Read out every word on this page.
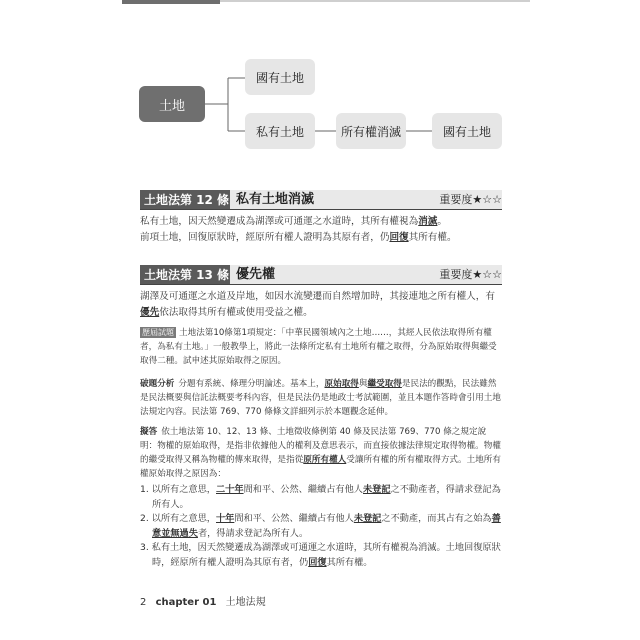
土地
國有土地
私有土地	所有權消滅	國有土地
土地法第 12 條 私有土地消滅	重要度★☆☆
私有土地，因天然變遷成為湖澤或可通運之水道時，其所有權視為消滅。
前項土地，回復原狀時，經原所有權人證明為其原有者，仍回復其所有權。
土地法第 13 條 優先權	重要度★☆☆
湖澤及可通運之水道及岸地，如因水流變遷而自然增加時，其接連地之所有權人，有
優先依法取得其所有權或使用受益之權。
歷屆試題 土地法第10條第1項規定：「中華民國領域內之土地……，其經人民依法取得所有權者，為私有土地。」一般教學上，將此一法條所定私有土地所有權之取得，分為原始取得與繼受取得二種。試申述其原始取得之原因。
破題分析 分題有系統、條理分明論述。基本上，原始取得與繼受取得是民法的觀點，民法雖然是民法概要與信託法概要考科內容，但是民法仍是地政士考試範圍，並且本題作答時會引用土地法規定內容。民法第 769、770 條條文詳細列示於本題觀念延伸。
擬答 依土地法第 10、12、13 條、土地徵收條例第 40 條及民法第 769、770 條之規定說明：物權的原始取得，是指非依據他人的權利及意思表示，而直接依據法律規定取得物權。物權的繼受取得又稱為物權的傳來取得，是指從原所有權人受讓所有權的所有權取得方式。土地所有權原始取得之原因為：
1. 以所有之意思，二十年間和平、公然、繼續占有他人未登記之不動產者，得請求登記為所有人。
2. 以所有之意思，十年間和平、公然、繼續占有他人未登記之不動產，而其占有之始為善意並無過失者，得請求登記為所有人。
3. 私有土地，因天然變遷成為湖澤或可通運之水道時，其所有權視為消滅。土地回復原狀時，經原所有權人證明為其原有者，仍回復其所有權。
2 chapter 01 土地法規
